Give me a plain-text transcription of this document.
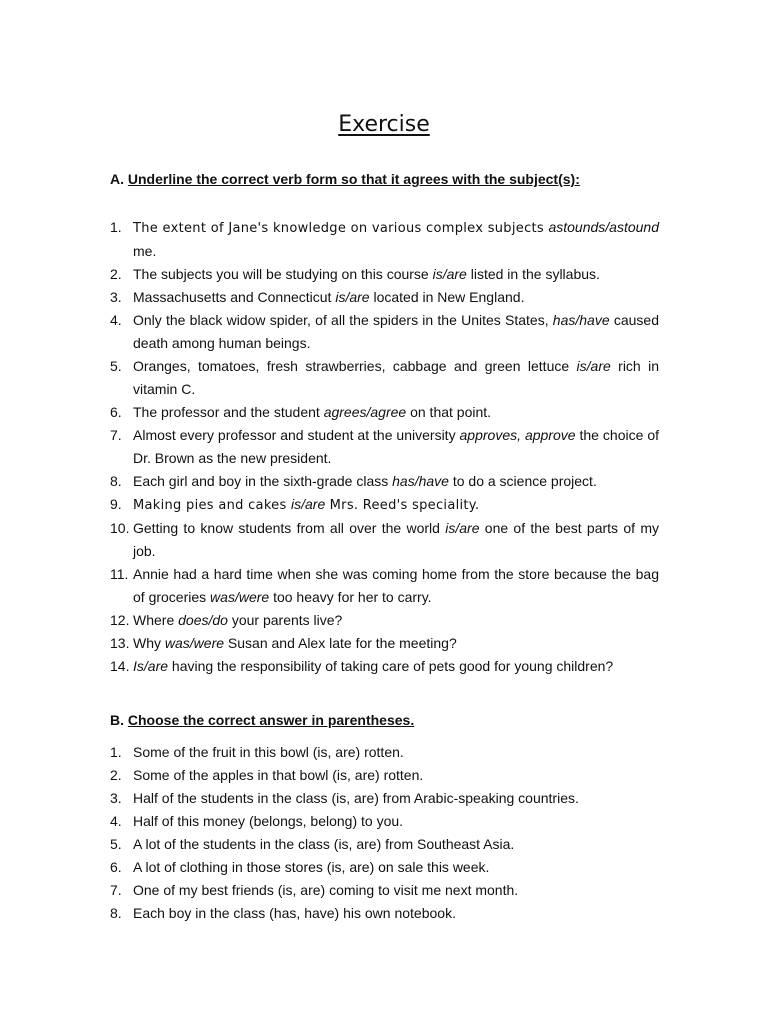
Exercise

A. Underline the correct verb form so that it agrees with the subject(s):

1. The extent of Jane's knowledge on various complex subjects astounds/astound me.
2. The subjects you will be studying on this course is/are listed in the syllabus.
3. Massachusetts and Connecticut is/are located in New England.
4. Only the black widow spider, of all the spiders in the Unites States, has/have caused death among human beings.
5. Oranges, tomatoes, fresh strawberries, cabbage and green lettuce is/are rich in vitamin C.
6. The professor and the student agrees/agree on that point.
7. Almost every professor and student at the university approves, approve the choice of Dr. Brown as the new president.
8. Each girl and boy in the sixth-grade class has/have to do a science project.
9. Making pies and cakes is/are Mrs. Reed's speciality.
10. Getting to know students from all over the world is/are one of the best parts of my job.
11. Annie had a hard time when she was coming home from the store because the bag of groceries was/were too heavy for her to carry.
12. Where does/do your parents live?
13. Why was/were Susan and Alex late for the meeting?
14. Is/are having the responsibility of taking care of pets good for young children?

B. Choose the correct answer in parentheses.

1. Some of the fruit in this bowl (is, are) rotten.
2. Some of the apples in that bowl (is, are) rotten.
3. Half of the students in the class (is, are) from Arabic-speaking countries.
4. Half of this money (belongs, belong) to you.
5. A lot of the students in the class (is, are) from Southeast Asia.
6. A lot of clothing in those stores (is, are) on sale this week.
7. One of my best friends (is, are) coming to visit me next month.
8. Each boy in the class (has, have) his own notebook.
